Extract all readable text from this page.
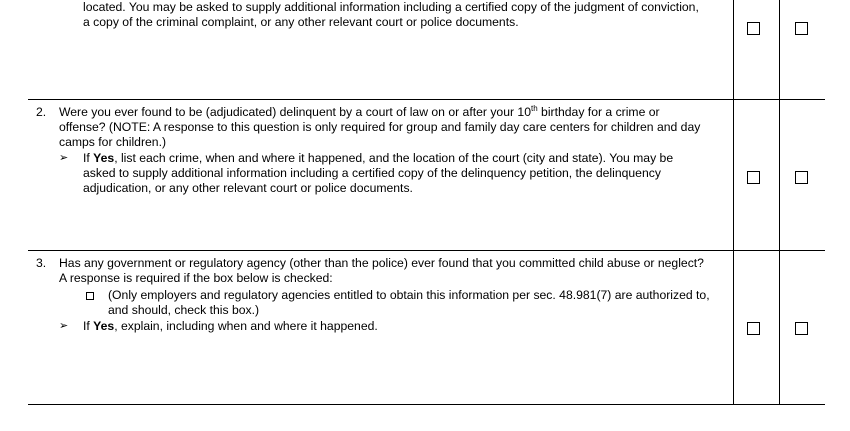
located. You may be asked to supply additional information including a certified copy of the judgment of conviction,
a copy of the criminal complaint, or any other relevant court or police documents.
2. Were you ever found to be (adjudicated) delinquent by a court of law on or after your 10th birthday for a crime or
offense? (NOTE: A response to this question is only required for group and family day care centers for children and day
camps for children.)
➢ If Yes, list each crime, when and where it happened, and the location of the court (city and state). You may be
asked to supply additional information including a certified copy of the delinquency petition, the delinquency
adjudication, or any other relevant court or police documents.
3. Has any government or regulatory agency (other than the police) ever found that you committed child abuse or neglect?
A response is required if the box below is checked:
(Only employers and regulatory agencies entitled to obtain this information per sec. 48.981(7) are authorized to,
and should, check this box.)
➢ If Yes, explain, including when and where it happened.
